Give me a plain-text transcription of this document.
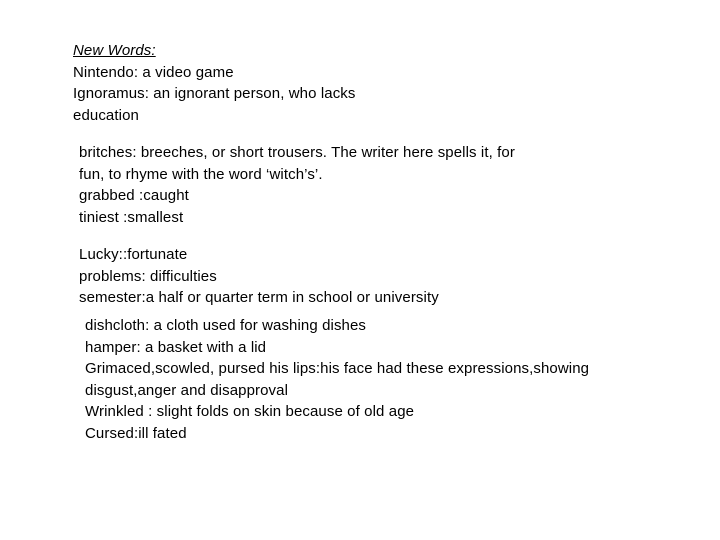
New Words:
Nintendo: a video game
Ignoramus: an ignorant person, who lacks
education
britches: breeches, or short trousers. The writer here spells it, for
fun, to rhyme with the word ‘witch’s’.
grabbed :caught
tiniest :smallest
Lucky::fortunate
problems: difficulties
semester:a half or quarter term in school or university
dishcloth: a cloth used for washing dishes
hamper: a basket with a lid
Grimaced,scowled, pursed his lips:his face had these expressions,showing
disgust,anger and disapproval
Wrinkled : slight folds on skin because of old age
Cursed:ill fated
